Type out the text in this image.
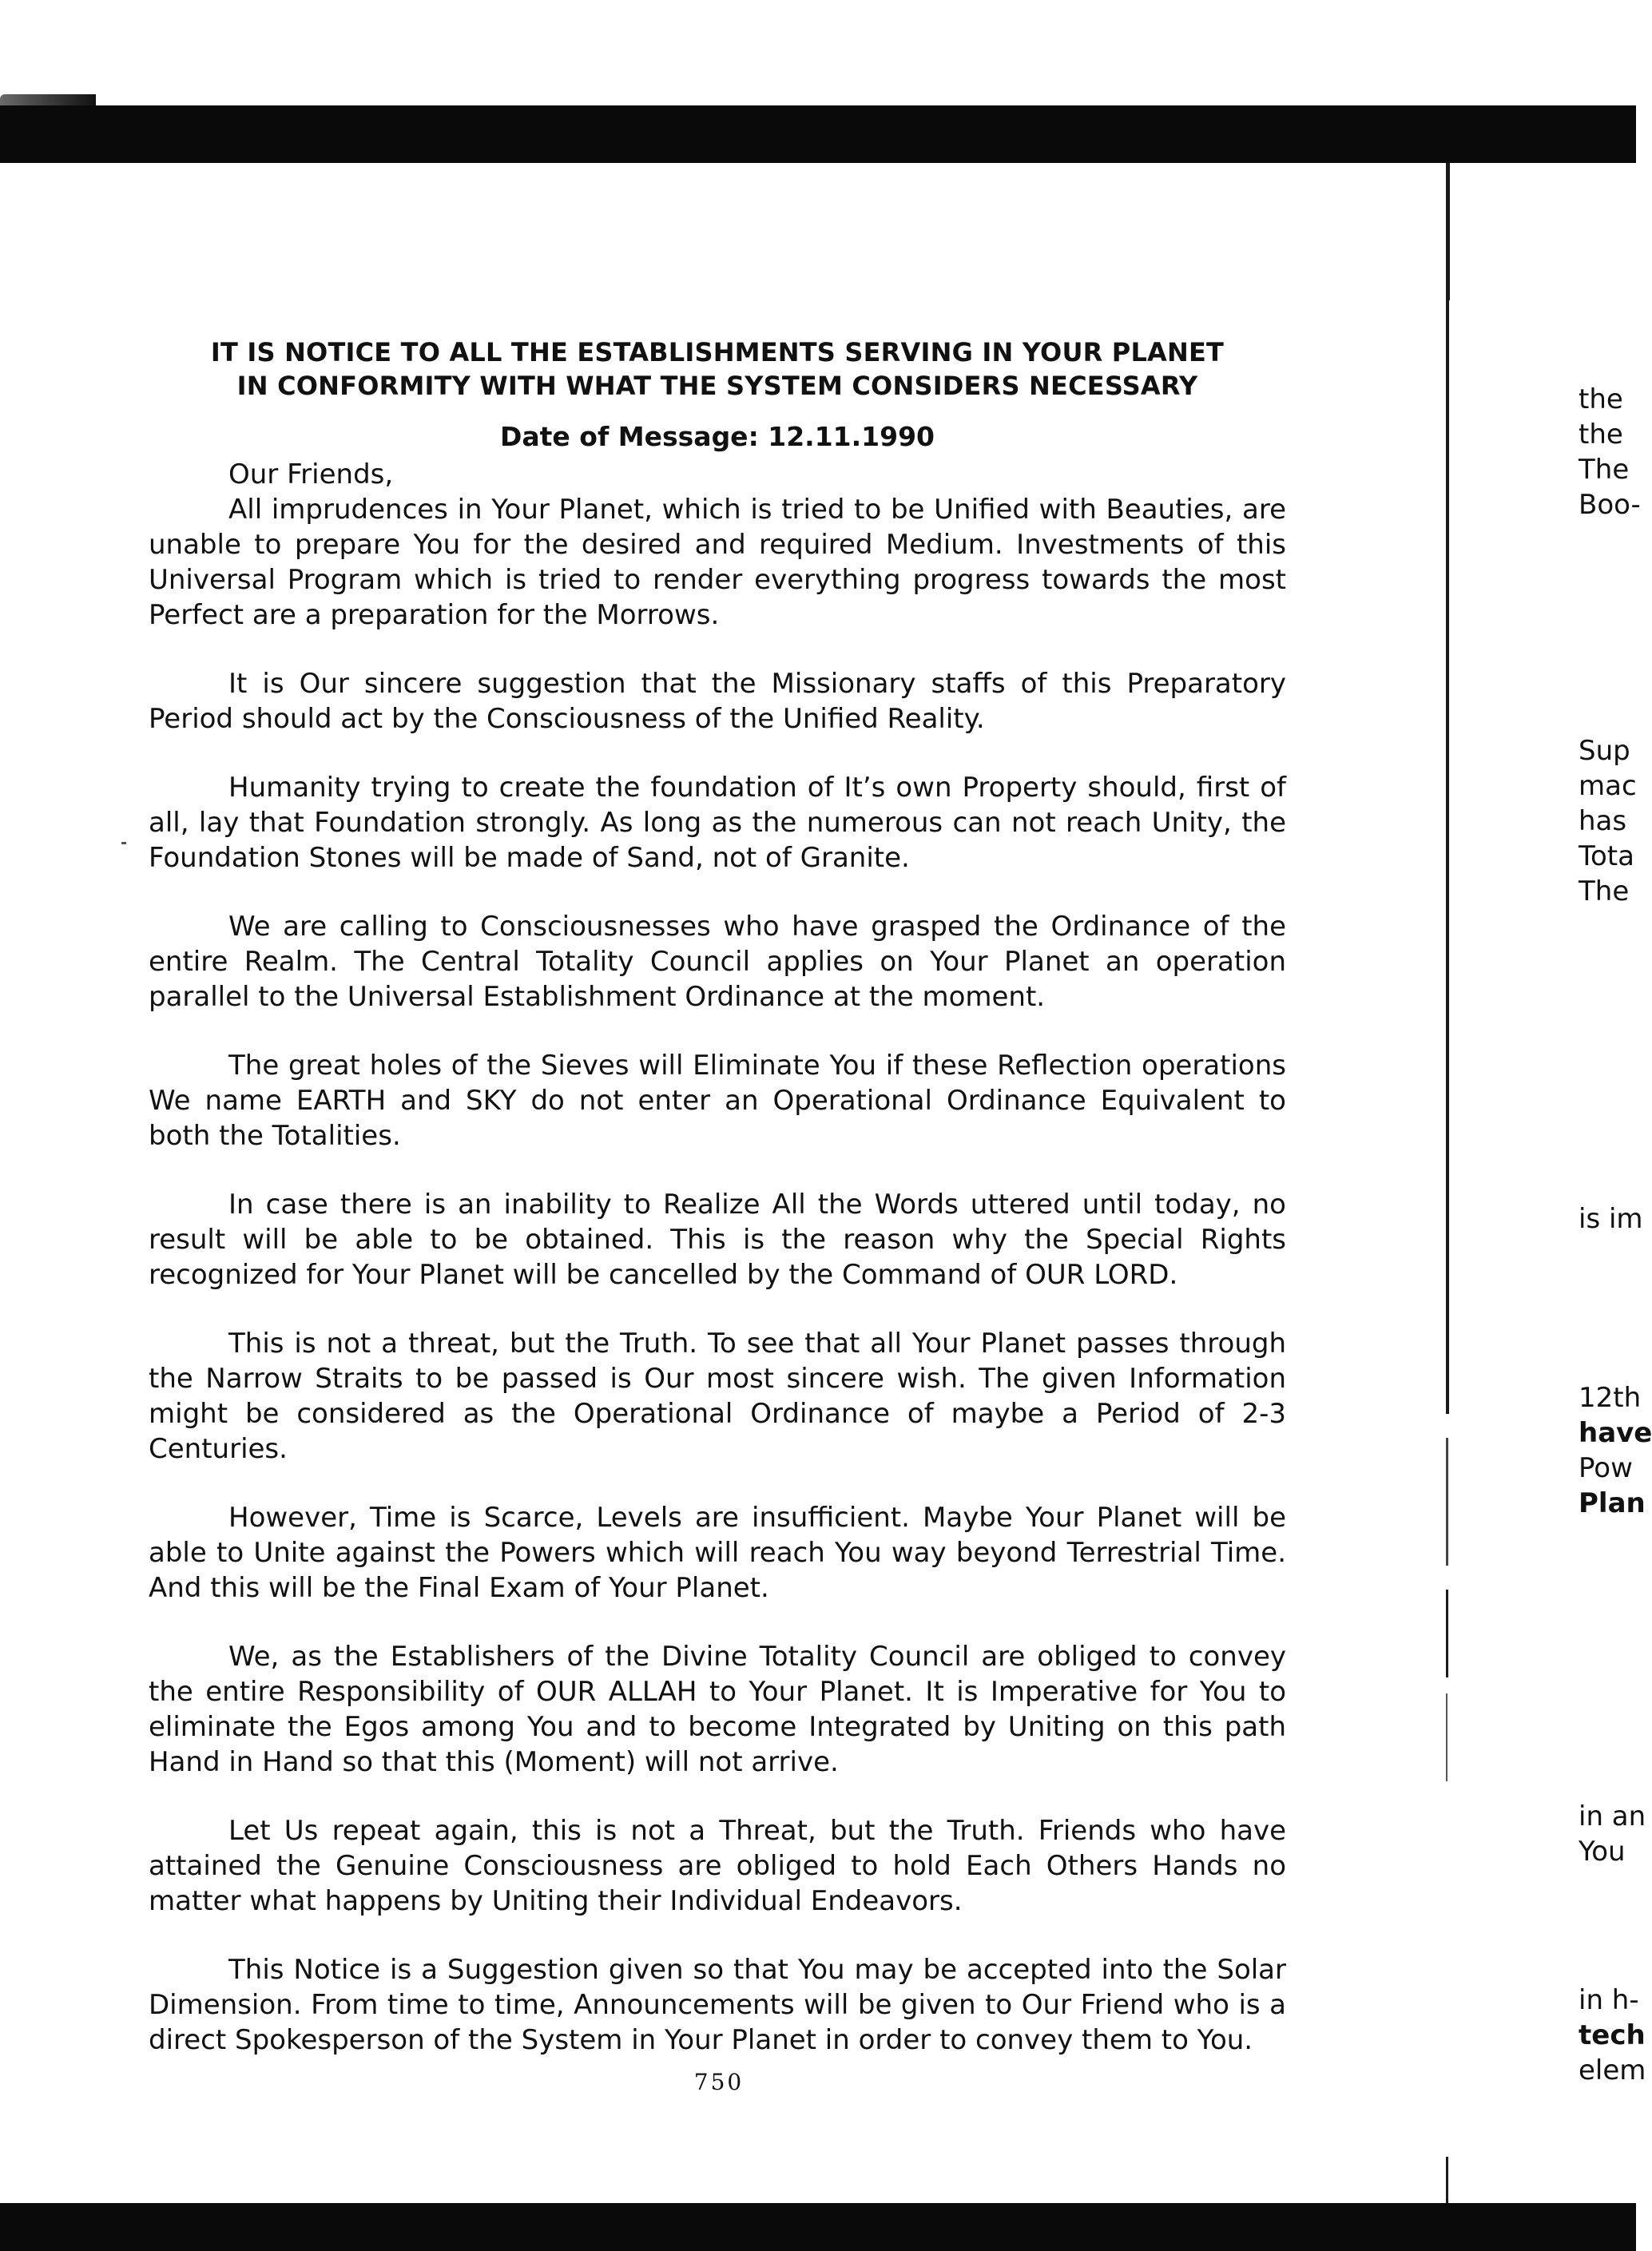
IT IS NOTICE TO ALL THE ESTABLISHMENTS SERVING IN YOUR PLANET
IN CONFORMITY WITH WHAT THE SYSTEM CONSIDERS NECESSARY
Date of Message: 12.11.1990
Our Friends,

All imprudences in Your Planet, which is tried to be Unified with Beauties, are unable to prepare You for the desired and required Medium. Investments of this Universal Program which is tried to render everything progress towards the most Perfect are a preparation for the Morrows.

It is Our sincere suggestion that the Missionary staffs of this Preparatory Period should act by the Consciousness of the Unified Reality.

Humanity trying to create the foundation of It’s own Property should, first of all, lay that Foundation strongly. As long as the numerous can not reach Unity, the Foundation Stones will be made of Sand, not of Granite.

We are calling to Consciousnesses who have grasped the Ordinance of the entire Realm. The Central Totality Council applies on Your Planet an operation parallel to the Universal Establishment Ordinance at the moment.

The great holes of the Sieves will Eliminate You if these Reflection operations We name EARTH and SKY do not enter an Operational Ordinance Equivalent to both the Totalities.

In case there is an inability to Realize All the Words uttered until today, no result will be able to be obtained. This is the reason why the Special Rights recognized for Your Planet will be cancelled by the Command of OUR LORD.

This is not a threat, but the Truth. To see that all Your Planet passes through the Narrow Straits to be passed is Our most sincere wish. The given Information might be considered as the Operational Ordinance of maybe a Period of 2-3 Centuries.

However, Time is Scarce, Levels are insufficient. Maybe Your Planet will be able to Unite against the Powers which will reach You way beyond Terrestrial Time. And this will be the Final Exam of Your Planet.

We, as the Establishers of the Divine Totality Council are obliged to convey the entire Responsibility of OUR ALLAH to Your Planet. It is Imperative for You to eliminate the Egos among You and to become Integrated by Uniting on this path Hand in Hand so that this (Moment) will not arrive.

Let Us repeat again, this is not a Threat, but the Truth. Friends who have attained the Genuine Consciousness are obliged to hold Each Others Hands no matter what happens by Uniting their Individual Endeavors.

This Notice is a Suggestion given so that You may be accepted into the Solar Dimension. From time to time, Announcements will be given to Our Friend who is a direct Spokesperson of the System in Your Planet in order to convey them to You.

750
the
the
The
Boo-
Sup
mac
has
Tota
The
is im
12th
have
Pow
Plan
in an
You
in h-
tech
elem
